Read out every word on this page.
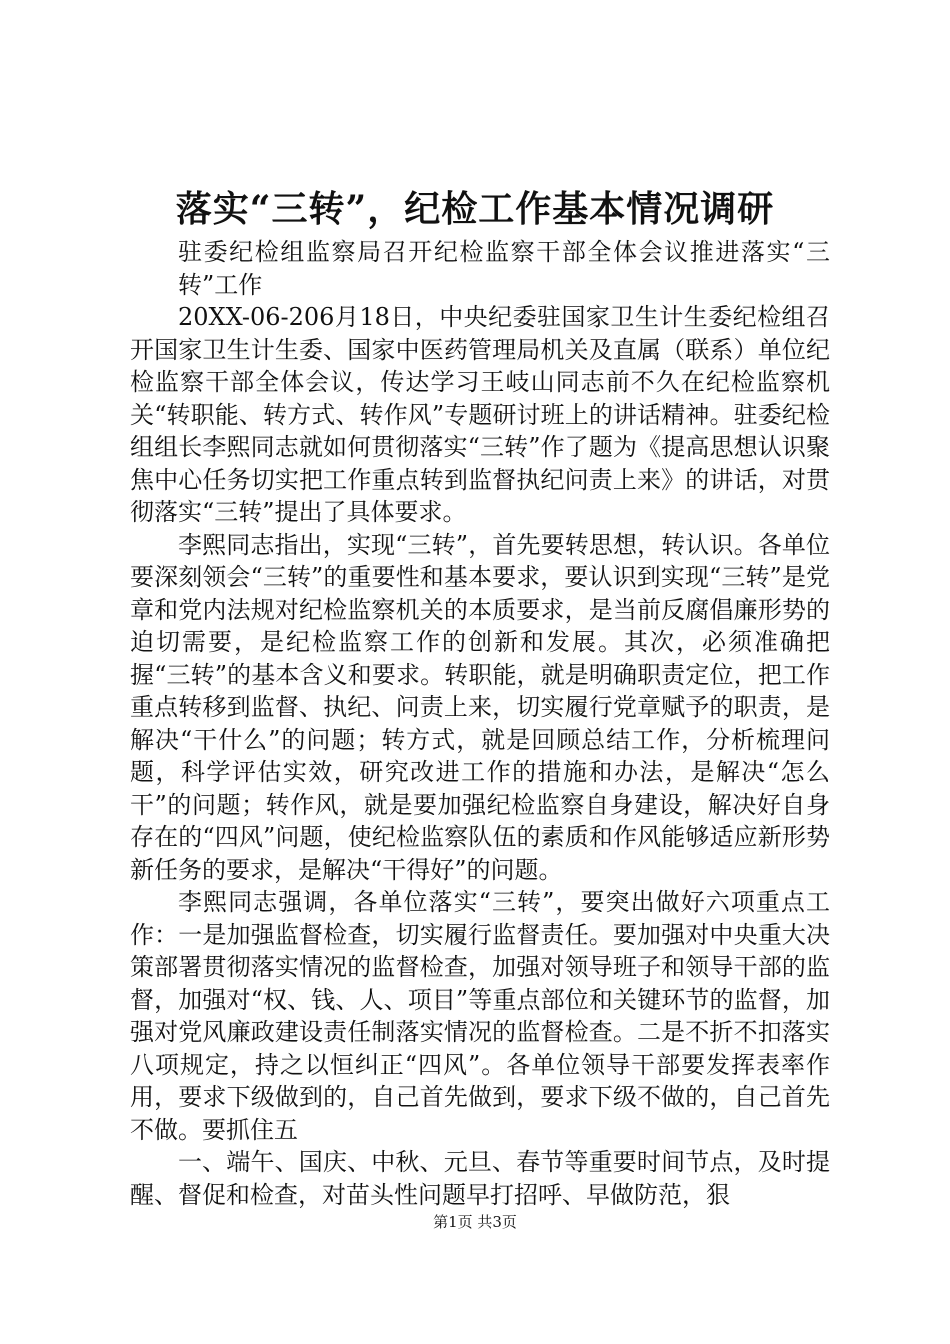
落实“三转”，纪检工作基本情况调研

驻委纪检组监察局召开纪检监察干部全体会议推进落实“三转”工作

20XX-06-206月18日，中央纪委驻国家卫生计生委纪检组召开国家卫生计生委、国家中医药管理局机关及直属（联系）单位纪检监察干部全体会议，传达学习王岐山同志前不久在纪检监察机关“转职能、转方式、转作风”专题研讨班上的讲话精神。驻委纪检组组长李熙同志就如何贯彻落实“三转”作了题为《提高思想认识聚焦中心任务切实把工作重点转到监督执纪问责上来》的讲话，对贯彻落实“三转”提出了具体要求。

李熙同志指出，实现“三转”，首先要转思想，转认识。各单位要深刻领会“三转”的重要性和基本要求，要认识到实现“三转”是党章和党内法规对纪检监察机关的本质要求，是当前反腐倡廉形势的迫切需要，是纪检监察工作的创新和发展。其次，必须准确把握“三转”的基本含义和要求。转职能，就是明确职责定位，把工作重点转移到监督、执纪、问责上来，切实履行党章赋予的职责，是解决“干什么”的问题；转方式，就是回顾总结工作，分析梳理问题，科学评估实效，研究改进工作的措施和办法，是解决“怎么干”的问题；转作风，就是要加强纪检监察自身建设，解决好自身存在的“四风”问题，使纪检监察队伍的素质和作风能够适应新形势新任务的要求，是解决“干得好”的问题。

李熙同志强调，各单位落实“三转”，要突出做好六项重点工作：一是加强监督检查，切实履行监督责任。要加强对中央重大决策部署贯彻落实情况的监督检查，加强对领导班子和领导干部的监督，加强对“权、钱、人、项目”等重点部位和关键环节的监督，加强对党风廉政建设责任制落实情况的监督检查。二是不折不扣落实八项规定，持之以恒纠正“四风”。各单位领导干部要发挥表率作用，要求下级做到的，自己首先做到，要求下级不做的，自己首先不做。要抓住五

一、端午、国庆、中秋、元旦、春节等重要时间节点，及时提醒、督促和检查，对苗头性问题早打招呼、早做防范，狠

第1页 共3页
